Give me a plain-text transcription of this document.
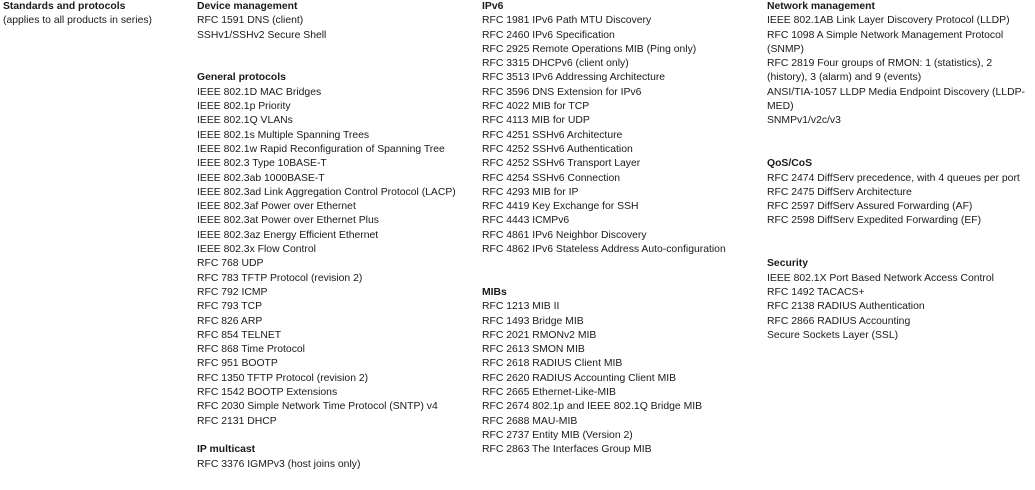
Standards and protocols
(applies to all products in series)
Device management
RFC 1591 DNS (client)
SSHv1/SSHv2 Secure Shell
General protocols
IEEE 802.1D MAC Bridges
IEEE 802.1p Priority
IEEE 802.1Q VLANs
IEEE 802.1s Multiple Spanning Trees
IEEE 802.1w Rapid Reconfiguration of Spanning Tree
IEEE 802.3 Type 10BASE-T
IEEE 802.3ab 1000BASE-T
IEEE 802.3ad Link Aggregation Control Protocol (LACP)
IEEE 802.3af Power over Ethernet
IEEE 802.3at Power over Ethernet Plus
IEEE 802.3az Energy Efficient Ethernet
IEEE 802.3x Flow Control
RFC 768 UDP
RFC 783 TFTP Protocol (revision 2)
RFC 792 ICMP
RFC 793 TCP
RFC 826 ARP
RFC 854 TELNET
RFC 868 Time Protocol
RFC 951 BOOTP
RFC 1350 TFTP Protocol (revision 2)
RFC 1542 BOOTP Extensions
RFC 2030 Simple Network Time Protocol (SNTP) v4
RFC 2131 DHCP
IP multicast
RFC 3376 IGMPv3 (host joins only)
IPv6
RFC 1981 IPv6 Path MTU Discovery
RFC 2460 IPv6 Specification
RFC 2925 Remote Operations MIB (Ping only)
RFC 3315 DHCPv6 (client only)
RFC 3513 IPv6 Addressing Architecture
RFC 3596 DNS Extension for IPv6
RFC 4022 MIB for TCP
RFC 4113 MIB for UDP
RFC 4251 SSHv6 Architecture
RFC 4252 SSHv6 Authentication
RFC 4252 SSHv6 Transport Layer
RFC 4254 SSHv6 Connection
RFC 4293 MIB for IP
RFC 4419 Key Exchange for SSH
RFC 4443 ICMPv6
RFC 4861 IPv6 Neighbor Discovery
RFC 4862 IPv6 Stateless Address Auto-configuration
MIBs
RFC 1213 MIB II
RFC 1493 Bridge MIB
RFC 2021 RMONv2 MIB
RFC 2613 SMON MIB
RFC 2618 RADIUS Client MIB
RFC 2620 RADIUS Accounting Client MIB
RFC 2665 Ethernet-Like-MIB
RFC 2674 802.1p and IEEE 802.1Q Bridge MIB
RFC 2688 MAU-MIB
RFC 2737 Entity MIB (Version 2)
RFC 2863 The Interfaces Group MIB
Network management
IEEE 802.1AB Link Layer Discovery Protocol (LLDP)
RFC 1098 A Simple Network Management Protocol (SNMP)
RFC 2819 Four groups of RMON: 1 (statistics), 2 (history), 3 (alarm) and 9 (events)
ANSI/TIA-1057 LLDP Media Endpoint Discovery (LLDP-MED)
SNMPv1/v2c/v3
QoS/CoS
RFC 2474 DiffServ precedence, with 4 queues per port
RFC 2475 DiffServ Architecture
RFC 2597 DiffServ Assured Forwarding (AF)
RFC 2598 DiffServ Expedited Forwarding (EF)
Security
IEEE 802.1X Port Based Network Access Control
RFC 1492 TACACS+
RFC 2138 RADIUS Authentication
RFC 2866 RADIUS Accounting
Secure Sockets Layer (SSL)
